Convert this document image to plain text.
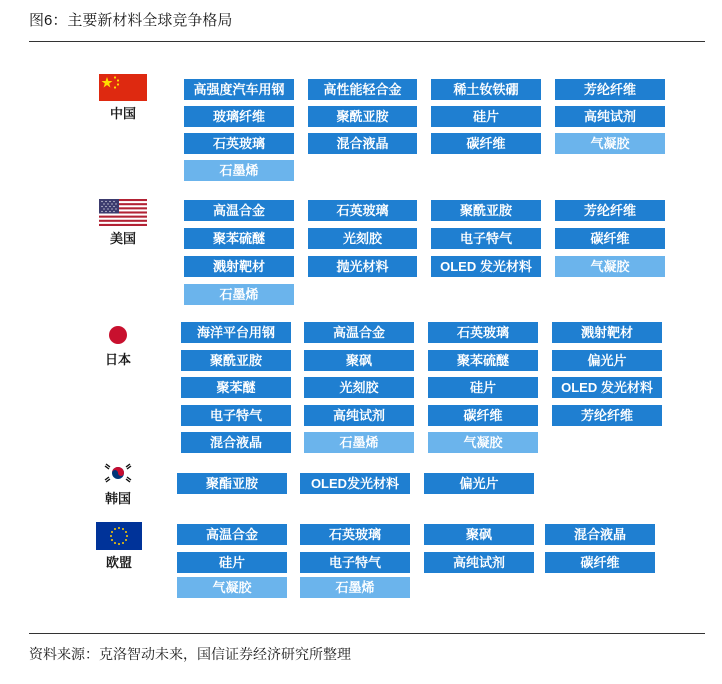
图6：主要新材料全球竞争格局
中国
高强度汽车用钢	高性能轻合金	稀土钕铁硼	芳纶纤维
玻璃纤维	聚酰亚胺	硅片	高纯试剂
石英玻璃	混合液晶	碳纤维	气凝胶
石墨烯
美国
高温合金	石英玻璃	聚酰亚胺	芳纶纤维
聚苯硫醚	光刻胶	电子特气	碳纤维
溅射靶材	抛光材料	OLED 发光材料	气凝胶
石墨烯
日本
海洋平台用钢	高温合金	石英玻璃	溅射靶材
聚酰亚胺	聚砜	聚苯硫醚	偏光片
聚苯醚	光刻胶	硅片	OLED 发光材料
电子特气	高纯试剂	碳纤维	芳纶纤维
混合液晶	石墨烯	气凝胶
韩国
聚酯亚胺	OLED发光材料	偏光片
欧盟
高温合金	石英玻璃	聚砜	混合液晶
硅片	电子特气	高纯试剂	碳纤维
气凝胶	石墨烯
资料来源：克洛智动未来，国信证券经济研究所整理
